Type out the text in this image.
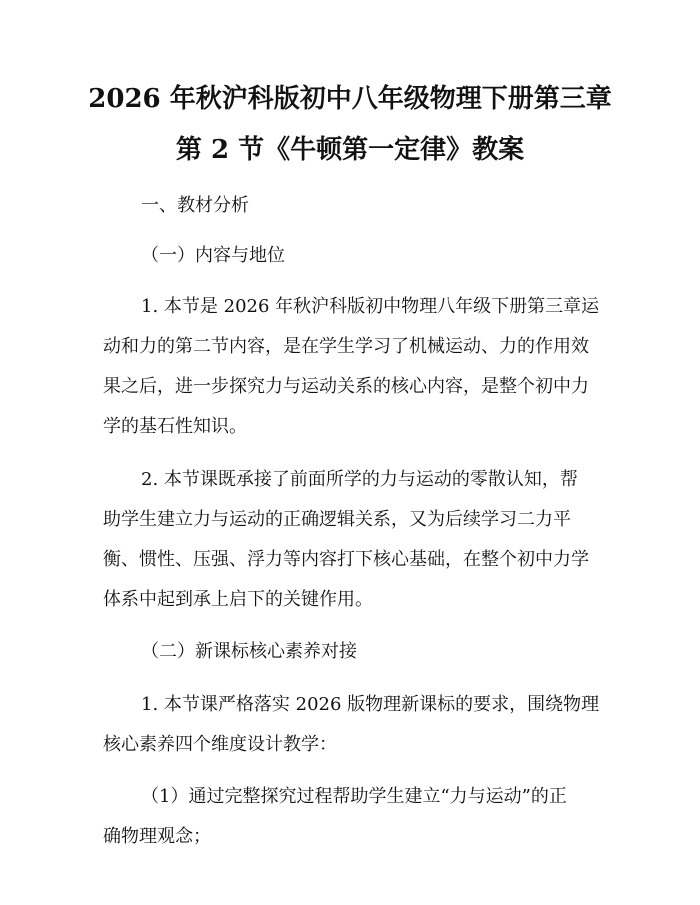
2026 年秋沪科版初中八年级物理下册第三章
第 2 节《牛顿第一定律》教案
一、教材分析
（一）内容与地位
1. 本节是 2026 年秋沪科版初中物理八年级下册第三章运
动和力的第二节内容，是在学生学习了机械运动、力的作用效
果之后，进一步探究力与运动关系的核心内容，是整个初中力
学的基石性知识。
2. 本节课既承接了前面所学的力与运动的零散认知，帮
助学生建立力与运动的正确逻辑关系，又为后续学习二力平
衡、惯性、压强、浮力等内容打下核心基础，在整个初中力学
体系中起到承上启下的关键作用。
（二）新课标核心素养对接
1. 本节课严格落实 2026 版物理新课标的要求，围绕物理
核心素养四个维度设计教学：
（1）通过完整探究过程帮助学生建立“力与运动”的正
确物理观念；
